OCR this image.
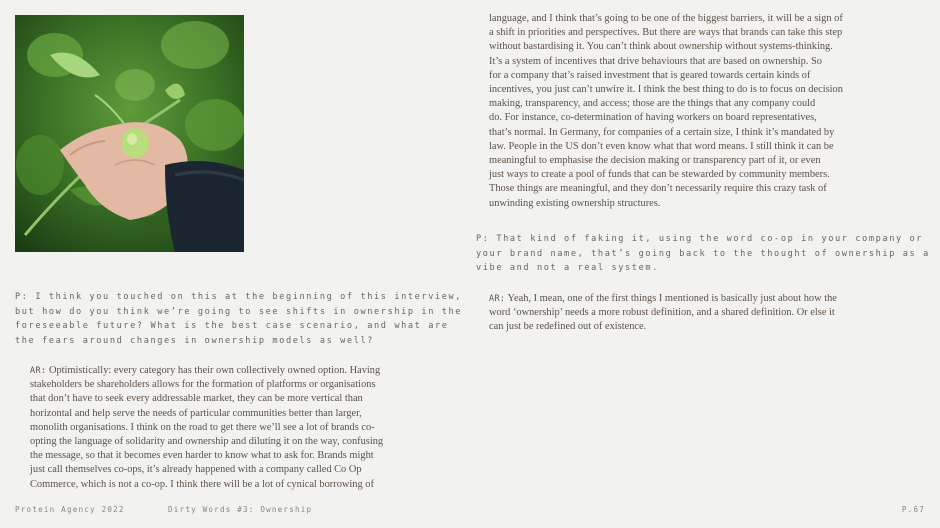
P: I think you touched on this at the beginning of this interview,

but how do you think we’re going to see shifts in ownership in the

foreseeable future? What is the best case scenario, and what are

the fears around changes in ownership models as well?

AR: Optimistically: every category has their own collectively owned option. Having

stakeholders be shareholders allows for the formation of platforms or organisations

that don’t have to seek every addressable market, they can be more vertical than

horizontal and help serve the needs of particular communities better than larger,

monolith organisations. I think on the road to get there we’ll see a lot of brands co-

opting the language of solidarity and ownership and diluting it on the way, confusing

the message, so that it becomes even harder to know what to ask for. Brands might

just call themselves co-ops, it’s already happened with a company called Co Op

Commerce, which is not a co-op. I think there will be a lot of cynical borrowing of

language, and I think that’s going to be one of the biggest barriers, it will be a sign of

a shift in priorities and perspectives. But there are ways that brands can take this step

without bastardising it. You can’t think about ownership without systems-thinking.

It’s a system of incentives that drive behaviours that are based on ownership. So

for a company that’s raised investment that is geared towards certain kinds of

incentives, you just can’t unwire it. I think the best thing to do is to focus on decision

making, transparency, and access; those are the things that any company could

do. For instance, co-determination of having workers on board representatives,

that’s normal. In Germany, for companies of a certain size, I think it’s mandated by

law. People in the US don’t even know what that word means. I still think it can be

meaningful to emphasise the decision making or transparency part of it, or even

just ways to create a pool of funds that can be stewarded by community members.

Those things are meaningful, and they don’t necessarily require this crazy task of

unwinding existing ownership structures.

P: That kind of faking it, using the word co-op in your company or

your brand name, that’s going back to the thought of ownership as a

vibe and not a real system.

AR: Yeah, I mean, one of the first things I mentioned is basically just about how the

word ‘ownership’ needs a more robust definition, and a shared definition. Or else it

can just be redefined out of existence.

Protein Agency 2022	Dirty Words #3: Ownership	P.67
